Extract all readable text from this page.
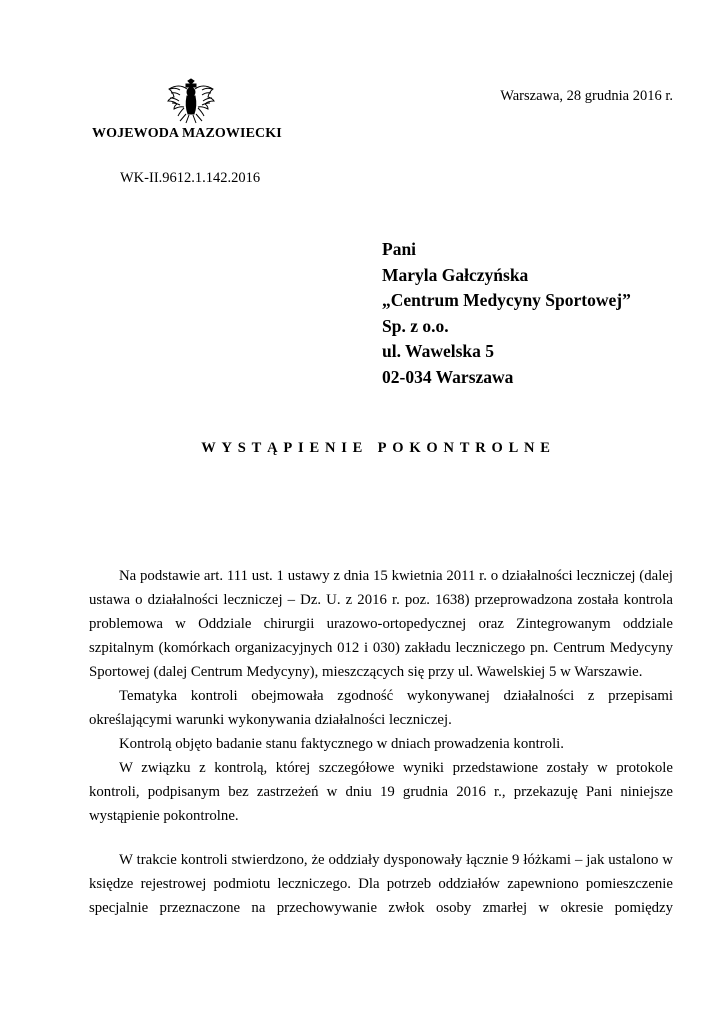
WOJEWODA MAZOWIECKI
Warszawa, 28 grudnia 2016 r.
WK-II.9612.1.142.2016
Pani
Maryla Gałczyńska
„Centrum Medycyny Sportowej”
Sp. z o.o.
ul. Wawelska 5
02-034 Warszawa
WYSTĄPIENIE POKONTROLNE

Na podstawie art. 111 ust. 1 ustawy z dnia 15 kwietnia 2011 r. o działalności leczniczej (dalej ustawa o działalności leczniczej – Dz. U. z 2016 r. poz. 1638) przeprowadzona została kontrola problemowa w Oddziale chirurgii urazowo-ortopedycznej oraz Zintegrowanym oddziale szpitalnym (komórkach organizacyjnych 012 i 030) zakładu leczniczego pn. Centrum Medycyny Sportowej (dalej Centrum Medycyny), mieszczących się przy ul. Wawelskiej 5 w Warszawie.

Tematyka kontroli obejmowała zgodność wykonywanej działalności z przepisami określającymi warunki wykonywania działalności leczniczej.

Kontrolą objęto badanie stanu faktycznego w dniach prowadzenia kontroli.

W związku z kontrolą, której szczegółowe wyniki przedstawione zostały w protokole kontroli, podpisanym bez zastrzeżeń w dniu 19 grudnia 2016 r., przekazuję Pani niniejsze wystąpienie pokontrolne.

W trakcie kontroli stwierdzono, że oddziały dysponowały łącznie 9 łóżkami – jak ustalono w księdze rejestrowej podmiotu leczniczego. Dla potrzeb oddziałów zapewniono pomieszczenie specjalnie przeznaczone na przechowywanie zwłok osoby zmarłej w okresie pomiędzy
